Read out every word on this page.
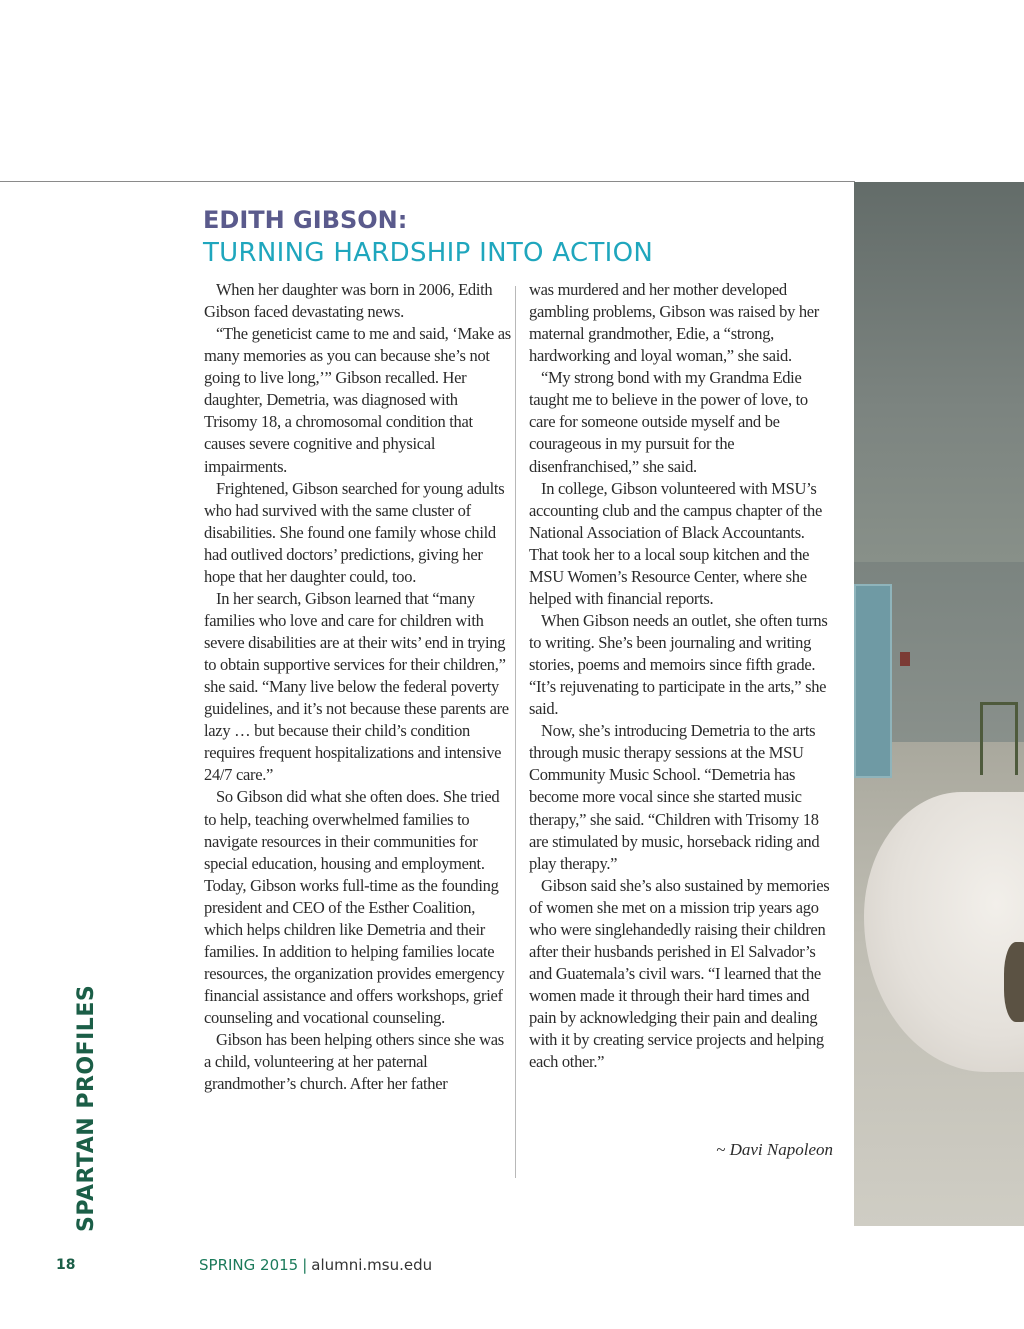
EDITH GIBSON:
TURNING HARDSHIP INTO ACTION

When her daughter was born in 2006, Edith Gibson faced devastating news.

“The geneticist came to me and said, ‘Make as many memories as you can because she’s not going to live long,’” Gibson recalled. Her daughter, Demetria, was diagnosed with Trisomy 18, a chromosomal condition that causes severe cognitive and physical impairments.

Frightened, Gibson searched for young adults who had survived with the same cluster of disabilities. She found one family whose child had outlived doctors’ predictions, giving her hope that her daughter could, too.

In her search, Gibson learned that “many families who love and care for children with severe disabilities are at their wits’ end in trying to obtain supportive services for their children,” she said. “Many live below the federal poverty guidelines, and it’s not because these parents are lazy … but because their child’s condition requires frequent hospitalizations and intensive 24/7 care.”

So Gibson did what she often does. She tried to help, teaching overwhelmed families to navigate resources in their communities for special education, housing and employment. Today, Gibson works full-time as the founding president and CEO of the Esther Coalition, which helps children like Demetria and their families. In addition to helping families locate resources, the organization provides emergency financial assistance and offers workshops, grief counseling and vocational counseling.

Gibson has been helping others since she was a child, volunteering at her paternal grandmother’s church. After her father

was murdered and her mother developed gambling problems, Gibson was raised by her maternal grandmother, Edie, a “strong, hardworking and loyal woman,” she said.

“My strong bond with my Grandma Edie taught me to believe in the power of love, to care for someone outside myself and be courageous in my pursuit for the disenfranchised,” she said.

In college, Gibson volunteered with MSU’s accounting club and the campus chapter of the National Association of Black Accountants. That took her to a local soup kitchen and the MSU Women’s Resource Center, where she helped with financial reports.

When Gibson needs an outlet, she often turns to writing. She’s been journaling and writing stories, poems and memoirs since fifth grade. “It’s rejuvenating to participate in the arts,” she said.

Now, she’s introducing Demetria to the arts through music therapy sessions at the MSU Community Music School. “Demetria has become more vocal since she started music therapy,” she said. “Children with Trisomy 18 are stimulated by music, horseback riding and play therapy.”

Gibson said she’s also sustained by memories of women she met on a mission trip years ago who were singlehandedly raising their children after their husbands perished in El Salvador’s and Guatemala’s civil wars. “I learned that the women made it through their hard times and pain by acknowledging their pain and dealing with it by creating service projects and helping each other.”

~ Davi Napoleon
SPARTAN PROFILES
18	SPRING 2015 | alumni.msu.edu
